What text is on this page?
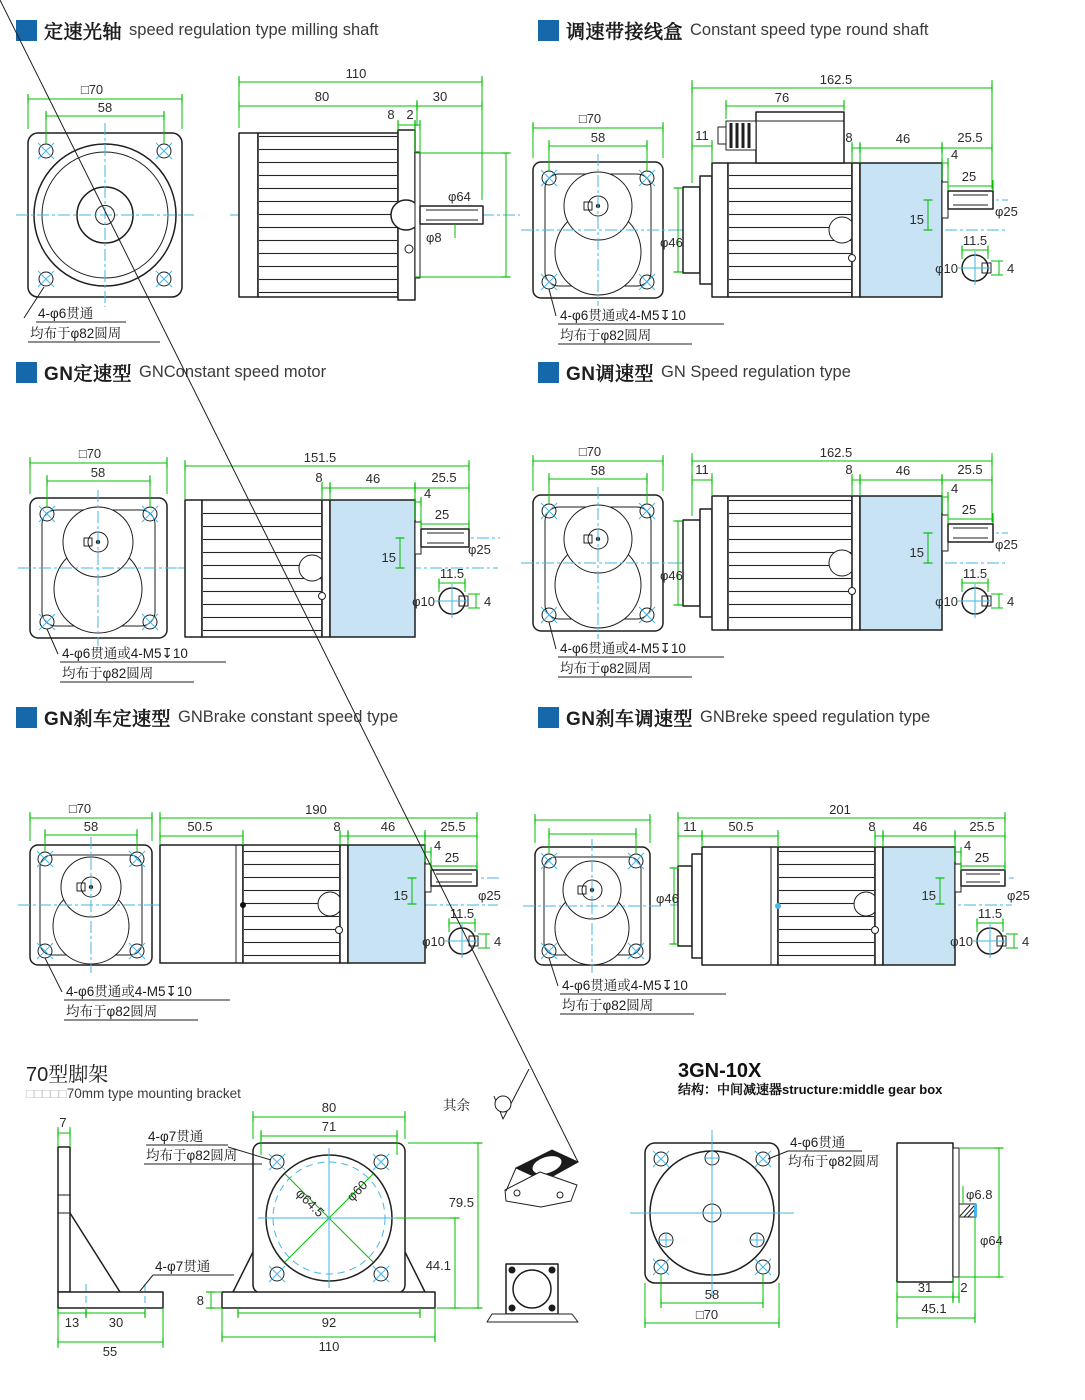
定速光轴 speed regulation type milling shaft	调速带接线盒 Constant speed type round shaft
GN定速型 GNConstant speed motor	GN调速型 GN Speed regulation type
GN刹车定速型 GNBrake constant speed type	GN刹车调速型 GNBreke speed regulation type
70型脚架
□□□□□70mm type mounting bracket
3GN-10X
结构：中间减速器structure:middle gear box
□70
58
4-φ6贯通
均布于φ82圆周
110
80	30
8 2
φ64
φ8
□70
58
4-φ6贯通或4-M5↧10
均布于φ82圆周
162.5
76
11	8	46	25.5
4
25
φ25
15
φ46	11.5
φ10	4
□70
58
4-φ6贯通或4-M5↧10
均布于φ82圆周
151.5
8	46	25.5
4
25
φ25
15
11.5
φ10	4
□70
58
4-φ6贯通或4-M5↧10
均布于φ82圆周
162.5
11	8	46	25.5
4
25
φ25
15
φ46	11.5
φ10	4
□70
58
4-φ6贯通或4-M5↧10
均布于φ82圆周
190
50.5	8	46	25.5
4
25
φ25
15
11.5
φ10	4
4-φ6贯通或4-M5↧10
均布于φ82圆周
201
11 50.5	8	46	25.5
4
25
φ25
15
φ46
11.5
φ10	4
其余
7
13 30
55
4-φ7贯通
φ64.5 φ60
80
71
79.5
44.1
8
92
110
4-φ7贯通
均布于φ82圆周
58
□70
4-φ6贯通
均布于φ82圆周
φ6.8
φ64
31 2
45.1
